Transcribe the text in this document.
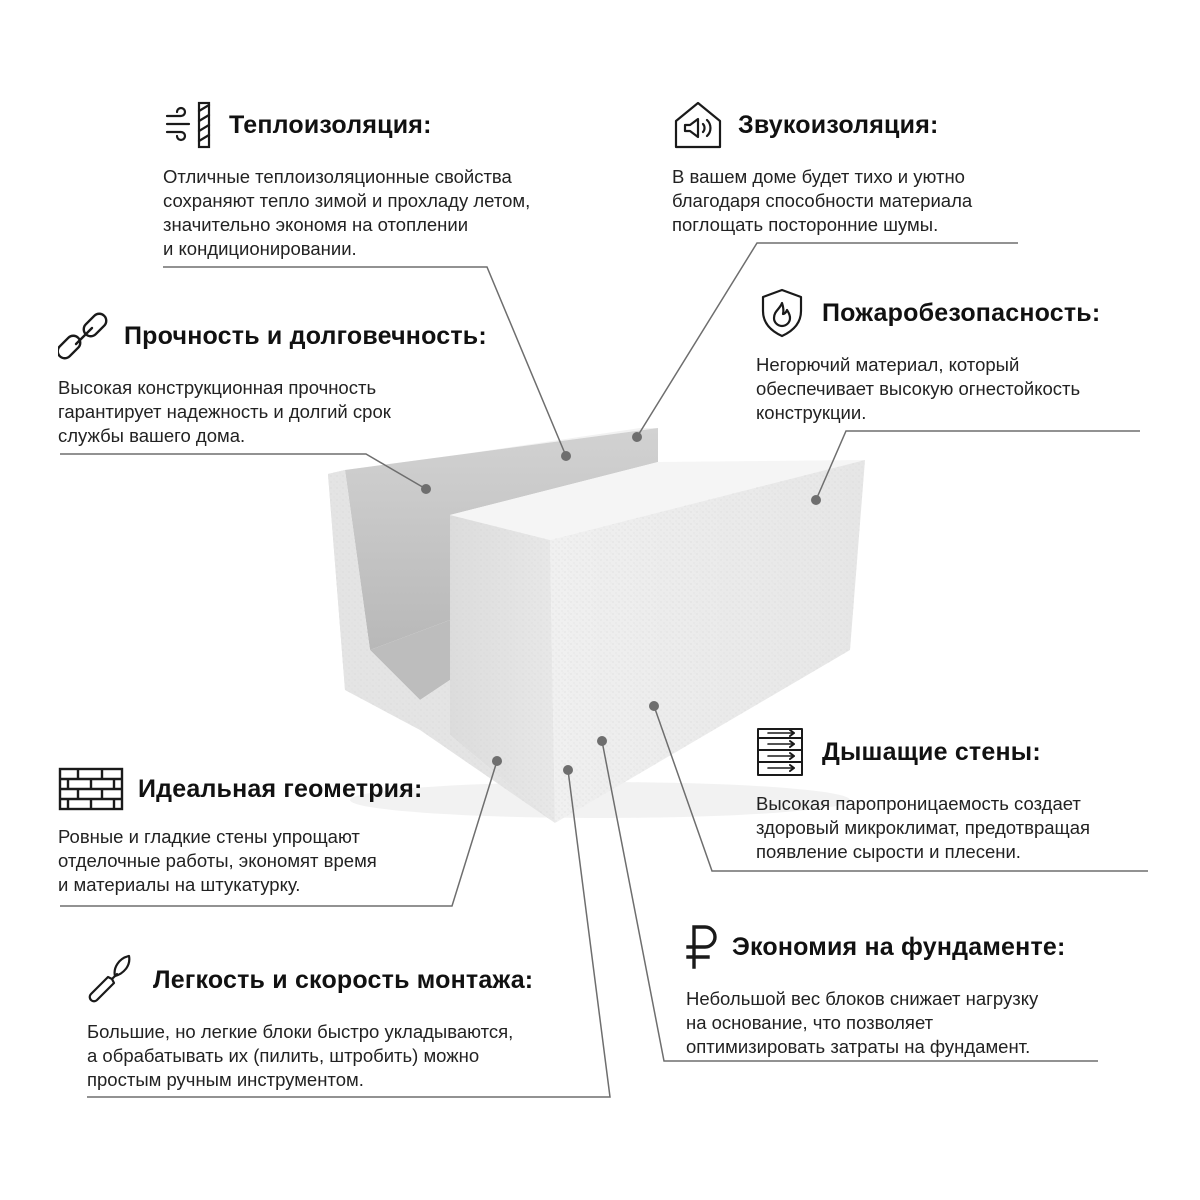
Теплоизоляция:

Отличные теплоизоляционные свойства
сохраняют тепло зимой и прохладу летом,
значительно экономя на отоплении
и кондиционировании.

Звукоизоляция:

В вашем доме будет тихо и уютно
благодаря способности материала
поглощать посторонние шумы.

Прочность и долговечность:

Высокая конструкционная прочность
гарантирует надежность и долгий срок
службы вашего дома.

Пожаробезопасность:

Негорючий материал, который
обеспечивает высокую огнестойкость
конструкции.

Дышащие стены:

Высокая паропроницаемость создает
здоровый микроклимат, предотвращая
появление сырости и плесени.

Идеальная геометрия:

Ровные и гладкие стены упрощают
отделочные работы, экономят время
и материалы на штукатурку.

Экономия на фундаменте:

Небольшой вес блоков снижает нагрузку
на основание, что позволяет
оптимизировать затраты на фундамент.

Легкость и скорость монтажа:

Большие, но легкие блоки быстро укладываются,
а обрабатывать их (пилить, штробить) можно
простым ручным инструментом.
